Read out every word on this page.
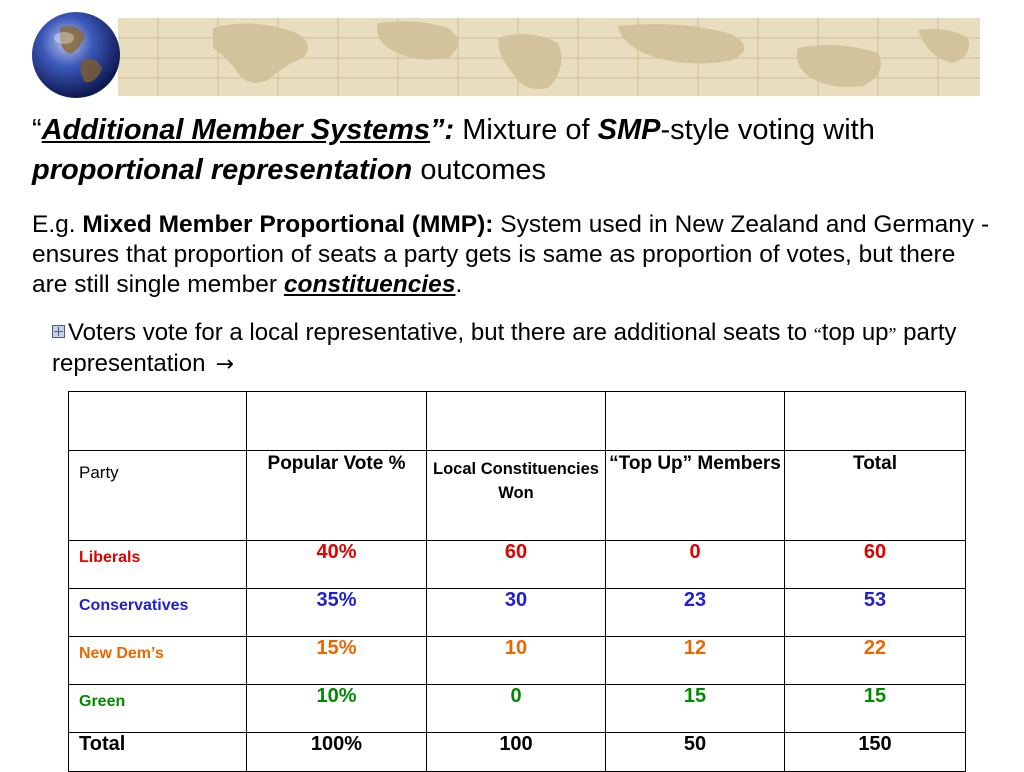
“Additional Member Systems”: Mixture of SMP-style voting with proportional representation outcomes
E.g. Mixed Member Proportional (MMP): System used in New Zealand and Germany - ensures that proportion of seats a party gets is same as proportion of votes, but there are still single member constituencies.
Voters vote for a local representative, but there are additional seats to “top up” party representation →

Party	Popular Vote %	Local Constituencies Won	“Top Up” Members	Total
Liberals	40%	60	0	60
Conservatives	35%	30	23	53
New Dem’s	15%	10	12	22
Green	10%	0	15	15
Total	100%	100	50	150
